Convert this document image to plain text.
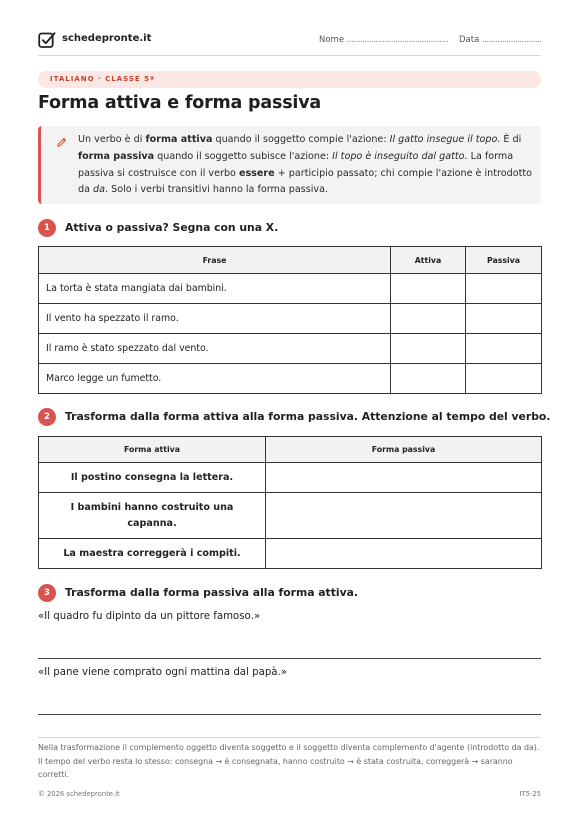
schedepronte.it	Nome .............................................. Data ...........................
ITALIANO · CLASSE 5ª
Forma attiva e forma passiva

Un verbo è di forma attiva quando il soggetto compie l'azione: Il gatto insegue il topo. È di forma passiva quando il soggetto subisce l'azione: Il topo è inseguito dal gatto. La forma passiva si costruisce con il verbo essere + participio passato; chi compie l'azione è introdotto da da. Solo i verbi transitivi hanno la forma passiva.

1	Attiva o passiva? Segna con una X.
Frase	Attiva	Passiva
La torta è stata mangiata dai bambini.		
Il vento ha spezzato il ramo.		
Il ramo è stato spezzato dal vento.		
Marco legge un fumetto.		
2	Trasforma dalla forma attiva alla forma passiva. Attenzione al tempo del verbo.
Forma attiva	Forma passiva
Il postino consegna la lettera.	
I bambini hanno costruito una capanna.	
La maestra correggerà i compiti.	
3	Trasforma dalla forma passiva alla forma attiva.
«Il quadro fu dipinto da un pittore famoso.»
«Il pane viene comprato ogni mattina dal papà.»
Nella trasformazione il complemento oggetto diventa soggetto e il soggetto diventa complemento d'agente (introdotto da da). Il tempo del verbo resta lo stesso: consegna → è consegnata, hanno costruito → è stata costruita, correggerà → saranno corretti.
© 2026 schedepronte.it	IT5-25
